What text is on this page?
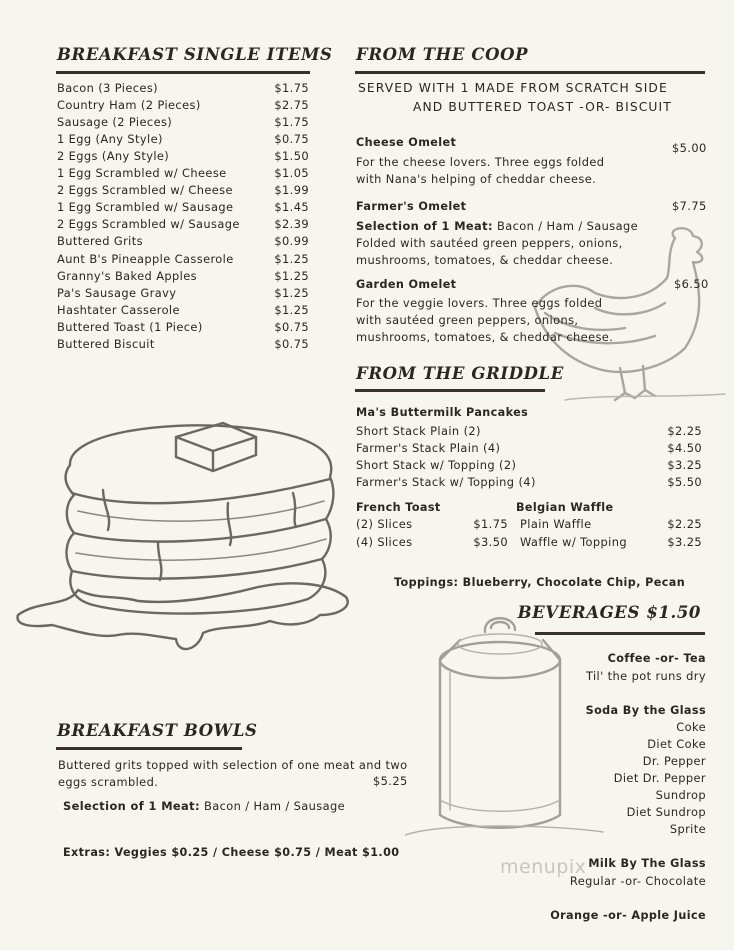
BREAKFAST SINGLE ITEMS
Bacon (3 Pieces)	$1.75
Country Ham (2 Pieces)	$2.75
Sausage (2 Pieces)	$1.75
1 Egg (Any Style)	$0.75
2 Eggs (Any Style)	$1.50
1 Egg Scrambled w/ Cheese	$1.05
2 Eggs Scrambled w/ Cheese	$1.99
1 Egg Scrambled w/ Sausage	$1.45
2 Eggs Scrambled w/ Sausage	$2.39
Buttered Grits	$0.99
Aunt B's Pineapple Casserole	$1.25
Granny's Baked Apples	$1.25
Pa's Sausage Gravy	$1.25
Hashtater Casserole	$1.25
Buttered Toast (1 Piece)	$0.75
Buttered Biscuit	$0.75
FROM THE COOP
SERVED WITH 1 MADE FROM SCRATCH SIDE
AND BUTTERED TOAST -OR- BISCUIT
Cheese Omelet	$5.00
For the cheese lovers. Three eggs folded
with Nana's helping of cheddar cheese.
Farmer's Omelet	$7.75
Selection of 1 Meat: Bacon / Ham / Sausage
Folded with sautéed green peppers, onions,
mushrooms, tomatoes, & cheddar cheese.
Garden Omelet	$6.50
For the veggie lovers. Three eggs folded
with sautéed green peppers, onions,
mushrooms, tomatoes, & cheddar cheese.
FROM THE GRIDDLE
Ma's Buttermilk Pancakes
Short Stack Plain (2)	$2.25
Farmer's Stack Plain (4)	$4.50
Short Stack w/ Topping (2)	$3.25
Farmer's Stack w/ Topping (4)	$5.50
French Toast
(2) Slices	$1.75
(4) Slices	$3.50
Belgian Waffle
Plain Waffle	$2.25
Waffle w/ Topping	$3.25
Toppings: Blueberry, Chocolate Chip, Pecan
BEVERAGES $1.50
Coffee -or- Tea
Til' the pot runs dry
Soda By the Glass
Coke
Diet Coke
Dr. Pepper
Diet Dr. Pepper
Sundrop
Diet Sundrop
Sprite
Milk By The Glass
Regular -or- Chocolate
Orange -or- Apple Juice
menupix
BREAKFAST BOWLS
Buttered grits topped with selection of one meat and two
eggs scrambled.	$5.25
Selection of 1 Meat: Bacon / Ham / Sausage
Extras: Veggies $0.25 / Cheese $0.75 / Meat $1.00
